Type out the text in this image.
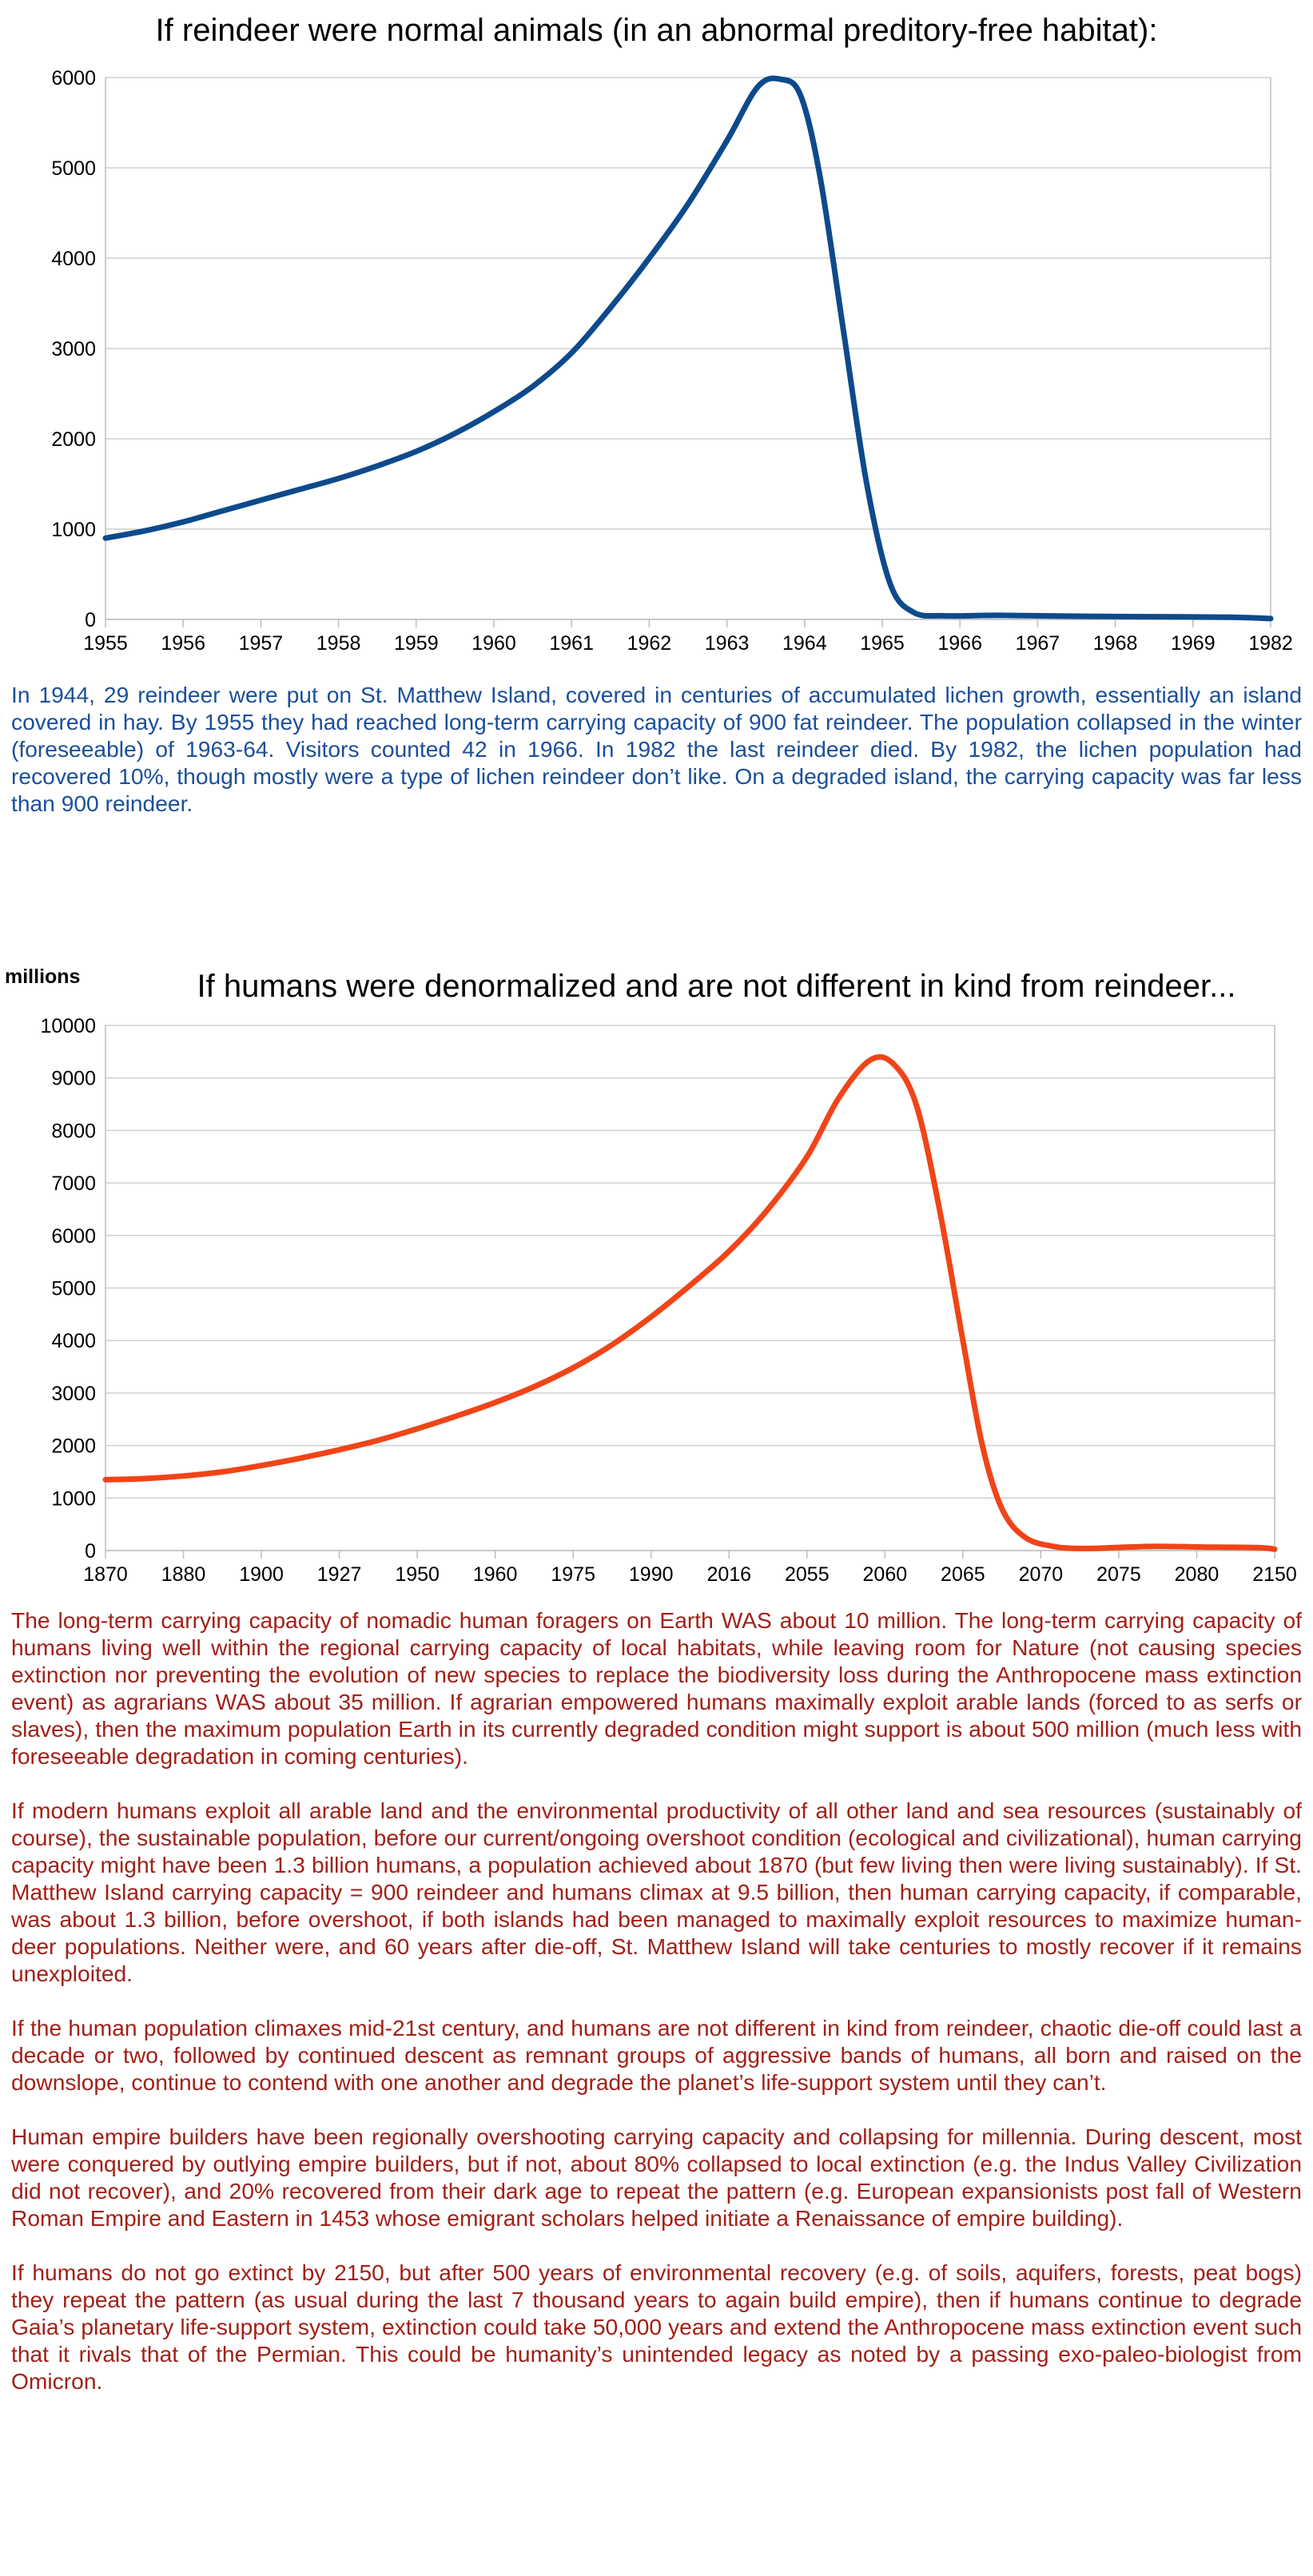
If reindeer were normal animals (in an abnormal preditory-free habitat):
1955 1956 1957 1958 1959 1960 1961 1962 1963 1964 1965 1966 1967 1968 1969 1982
0
1000
2000
3000
4000
5000
6000
In 1944, 29 reindeer were put on St. Matthew Island, covered in centuries of accumulated lichen growth, essentially an island covered in hay. By 1955 they had reached long-term carrying capacity of 900 fat reindeer. The population collapsed in the winter (foreseeable) of 1963-64. Visitors counted 42 in 1966. In 1982 the last reindeer died. By 1982, the lichen population had recovered 10%, though mostly were a type of lichen reindeer don’t like. On a degraded island, the carrying capacity was far less than 900 reindeer.
millions	If humans were denormalized and are not different in kind from reindeer...
1870 1880 1900 1927 1950 1960 1975 1990 2016 2055 2060 2065 2070 2075 2080 2150
0
1000
2000
3000
4000
5000
6000
7000
8000
9000
10000

The long-term carrying capacity of nomadic human foragers on Earth WAS about 10 million. The long-term carrying capacity of humans living well within the regional carrying capacity of local habitats, while leaving room for Nature (not causing species extinction nor preventing the evolution of new species to replace the biodiversity loss during the Anthropocene mass extinction event) as agrarians WAS about 35 million. If agrarian empowered humans maximally exploit arable lands (forced to as serfs or slaves), then the maximum population Earth in its currently degraded condition might support is about 500 million (much less with foreseeable degradation in coming centuries).

If modern humans exploit all arable land and the environmental productivity of all other land and sea resources (sustainably of course), the sustainable population, before our current/ongoing overshoot condition (ecological and civilizational), human carrying capacity might have been 1.3 billion humans, a population achieved about 1870 (but few living then were living sustainably). If St. Matthew Island carrying capacity = 900 reindeer and humans climax at 9.5 billion, then human carrying capacity, if comparable, was about 1.3 billion, before overshoot, if both islands had been managed to maximally exploit resources to maximize human-deer populations. Neither were, and 60 years after die-off, St. Matthew Island will take centuries to mostly recover if it remains unexploited.

If the human population climaxes mid-21st century, and humans are not different in kind from reindeer, chaotic die-off could last a decade or two, followed by continued descent as remnant groups of aggressive bands of humans, all born and raised on the downslope, continue to contend with one another and degrade the planet’s life-support system until they can’t.

Human empire builders have been regionally overshooting carrying capacity and collapsing for millennia. During descent, most were conquered by outlying empire builders, but if not, about 80% collapsed to local extinction (e.g. the Indus Valley Civilization did not recover), and 20% recovered from their dark age to repeat the pattern (e.g. European expansionists post fall of Western Roman Empire and Eastern in 1453 whose emigrant scholars helped initiate a Renaissance of empire building).

If humans do not go extinct by 2150, but after 500 years of environmental recovery (e.g. of soils, aquifers, forests, peat bogs) they repeat the pattern (as usual during the last 7 thousand years to again build empire), then if humans continue to degrade Gaia’s planetary life-support system, extinction could take 50,000 years and extend the Anthropocene mass extinction event such that it rivals that of the Permian. This could be humanity’s unintended legacy as noted by a passing exo-paleo-biologist from Omicron.
